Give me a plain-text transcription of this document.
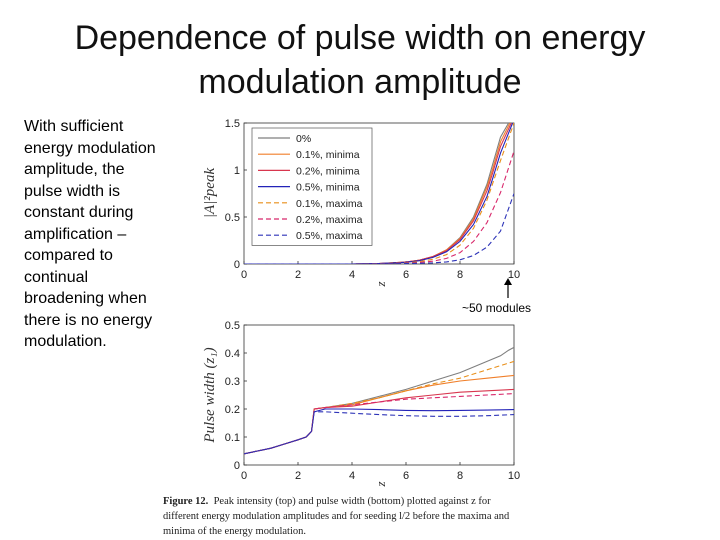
Dependence of pulse width on energy
modulation amplitude
With sufficient energy modulation amplitude, the pulse width is constant during amplification – compared to continual broadening when there is no energy modulation.
0	2	4	6	8	10
0
0.5
1
1.5
z
|A|²peak
0%
0.1%, minima
0.2%, minima
0.5%, minima
0.1%, maxima
0.2%, maxima
0.5%, maxima
0	2	4	6	8	10
0
0.1
0.2
0.3
0.4
0.5
z
Pulse width (z₁)
~50 modules
Figure 12. Peak intensity (top) and pulse width (bottom) plotted against z for
different energy modulation amplitudes and for seeding l/2 before the maxima and
minima of the energy modulation.
